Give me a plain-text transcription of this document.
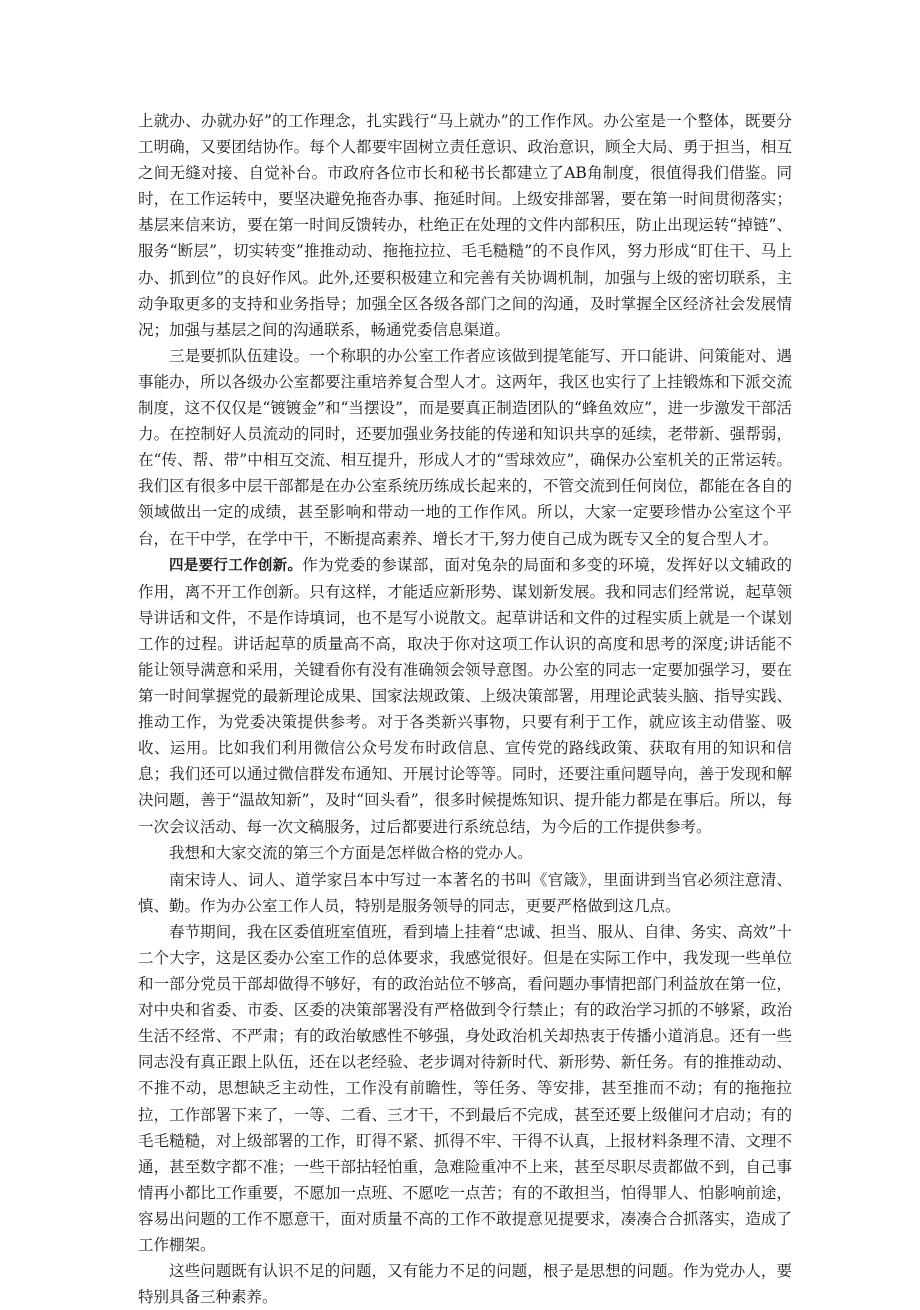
上就办、办就办好”的工作理念，扎实践行“马上就办”的工作作风。办公室是一个整体，既要分工明确，又要团结协作。每个人都要牢固树立责任意识、政治意识，顾全大局、勇于担当，相互之间无缝对接、自觉补台。市政府各位市长和秘书长都建立了AB角制度，很值得我们借鉴。同时，在工作运转中，要坚决避免拖沓办事、拖延时间。上级安排部署，要在第一时间贯彻落实；基层来信来访，要在第一时间反馈转办，杜绝正在处理的文件内部积压，防止出现运转“掉链”、服务“断层”，切实转变”推推动动、拖拖拉拉、毛毛糙糙”的不良作风，努力形成“盯住干、马上办、抓到位”的良好作风。此外,还要积极建立和完善有关协调机制，加强与上级的密切联系，主动争取更多的支持和业务指导；加强全区各级各部门之间的沟通，及时掌握全区经济社会发展情况；加强与基层之间的沟通联系，畅通党委信息渠道。

三是要抓队伍建设。一个称职的办公室工作者应该做到提笔能写、开口能讲、问策能对、遇事能办，所以各级办公室都要注重培养复合型人才。这两年，我区也实行了上挂锻炼和下派交流制度，这不仅仅是“镀镀金”和“当摆设”，而是要真正制造团队的“蜂鱼效应”，进一步激发干部活力。在控制好人员流动的同时，还要加强业务技能的传递和知识共享的延续，老带新、强帮弱，在“传、帮、带”中相互交流、相互提升，形成人才的“雪球效应”，确保办公室机关的正常运转。我们区有很多中层干部都是在办公室系统历练成长起来的，不管交流到任何岗位，都能在各自的领域做出一定的成绩，甚至影响和带动一地的工作作风。所以，大家一定要珍惜办公室这个平台，在干中学，在学中干，不断提高素养、增长才干,努力使自己成为既专又全的复合型人才。

四是要行工作创新。作为党委的参谋部，面对兔杂的局面和多变的环境，发挥好以文辅政的作用，离不开工作创新。只有这样，才能适应新形势、谋划新发展。我和同志们经常说，起草领导讲话和文件，不是作诗填词，也不是写小说散文。起草讲话和文件的过程实质上就是一个谋划工作的过程。讲话起草的质量高不高，取决于你对这项工作认识的高度和思考的深度;讲话能不能让领导满意和采用，关键看你有没有准确领会领导意图。办公室的同志一定要加强学习，要在第一时间掌握党的最新理论成果、国家法规政策、上级决策部署，用理论武装头脑、指导实践、推动工作，为党委决策提供参考。对于各类新兴事物，只要有利于工作，就应该主动借鉴、吸收、运用。比如我们利用微信公众号发布时政信息、宣传党的路线政策、获取有用的知识和信息；我们还可以通过微信群发布通知、开展讨论等等。同时，还要注重问题导向，善于发现和解决问题，善于“温故知新”，及时“回头看”，很多时候提炼知识、提升能力都是在事后。所以，每一次会议活动、每一次文稿服务，过后都要进行系统总结，为今后的工作提供参考。

我想和大家交流的第三个方面是怎样做合格的党办人。

南宋诗人、词人、道学家吕本中写过一本著名的书叫《官箴》，里面讲到当官必须注意清、慎、勤。作为办公室工作人员，特别是服务领导的同志，更要严格做到这几点。

春节期间，我在区委值班室值班，看到墙上挂着“忠诚、担当、服从、自律、务实、高效”十二个大字，这是区委办公室工作的总体要求，我感觉很好。但是在实际工作中，我发现一些单位和一部分党员干部却做得不够好，有的政治站位不够高，看问题办事情把部门利益放在第一位，对中央和省委、市委、区委的决策部署没有严格做到令行禁止；有的政治学习抓的不够紧，政治生活不经常、不严肃；有的政治敏感性不够强，身处政治机关却热衷于传播小道消息。还有一些同志没有真正跟上队伍，还在以老经验、老步调对待新时代、新形势、新任务。有的推推动动、不推不动，思想缺乏主动性，工作没有前瞻性，等任务、等安排，甚至推而不动；有的拖拖拉拉，工作部署下来了，一等、二看、三才干，不到最后不完成，甚至还要上级催问才启动；有的毛毛糙糙，对上级部署的工作，盯得不紧、抓得不牢、干得不认真，上报材料条理不清、文理不通，甚至数字都不准；一些干部拈轻怕重，急难险重冲不上来，甚至尽职尽责都做不到，自己事情再小都比工作重要，不愿加一点班、不愿吃一点苦；有的不敢担当，怕得罪人、怕影响前途，容易出问题的工作不愿意干，面对质量不高的工作不敢提意见提要求，凑凑合合抓落实，造成了工作棚架。

这些问题既有认识不足的问题，又有能力不足的问题，根子是思想的问题。作为党办人，要特别具备三种素养。
